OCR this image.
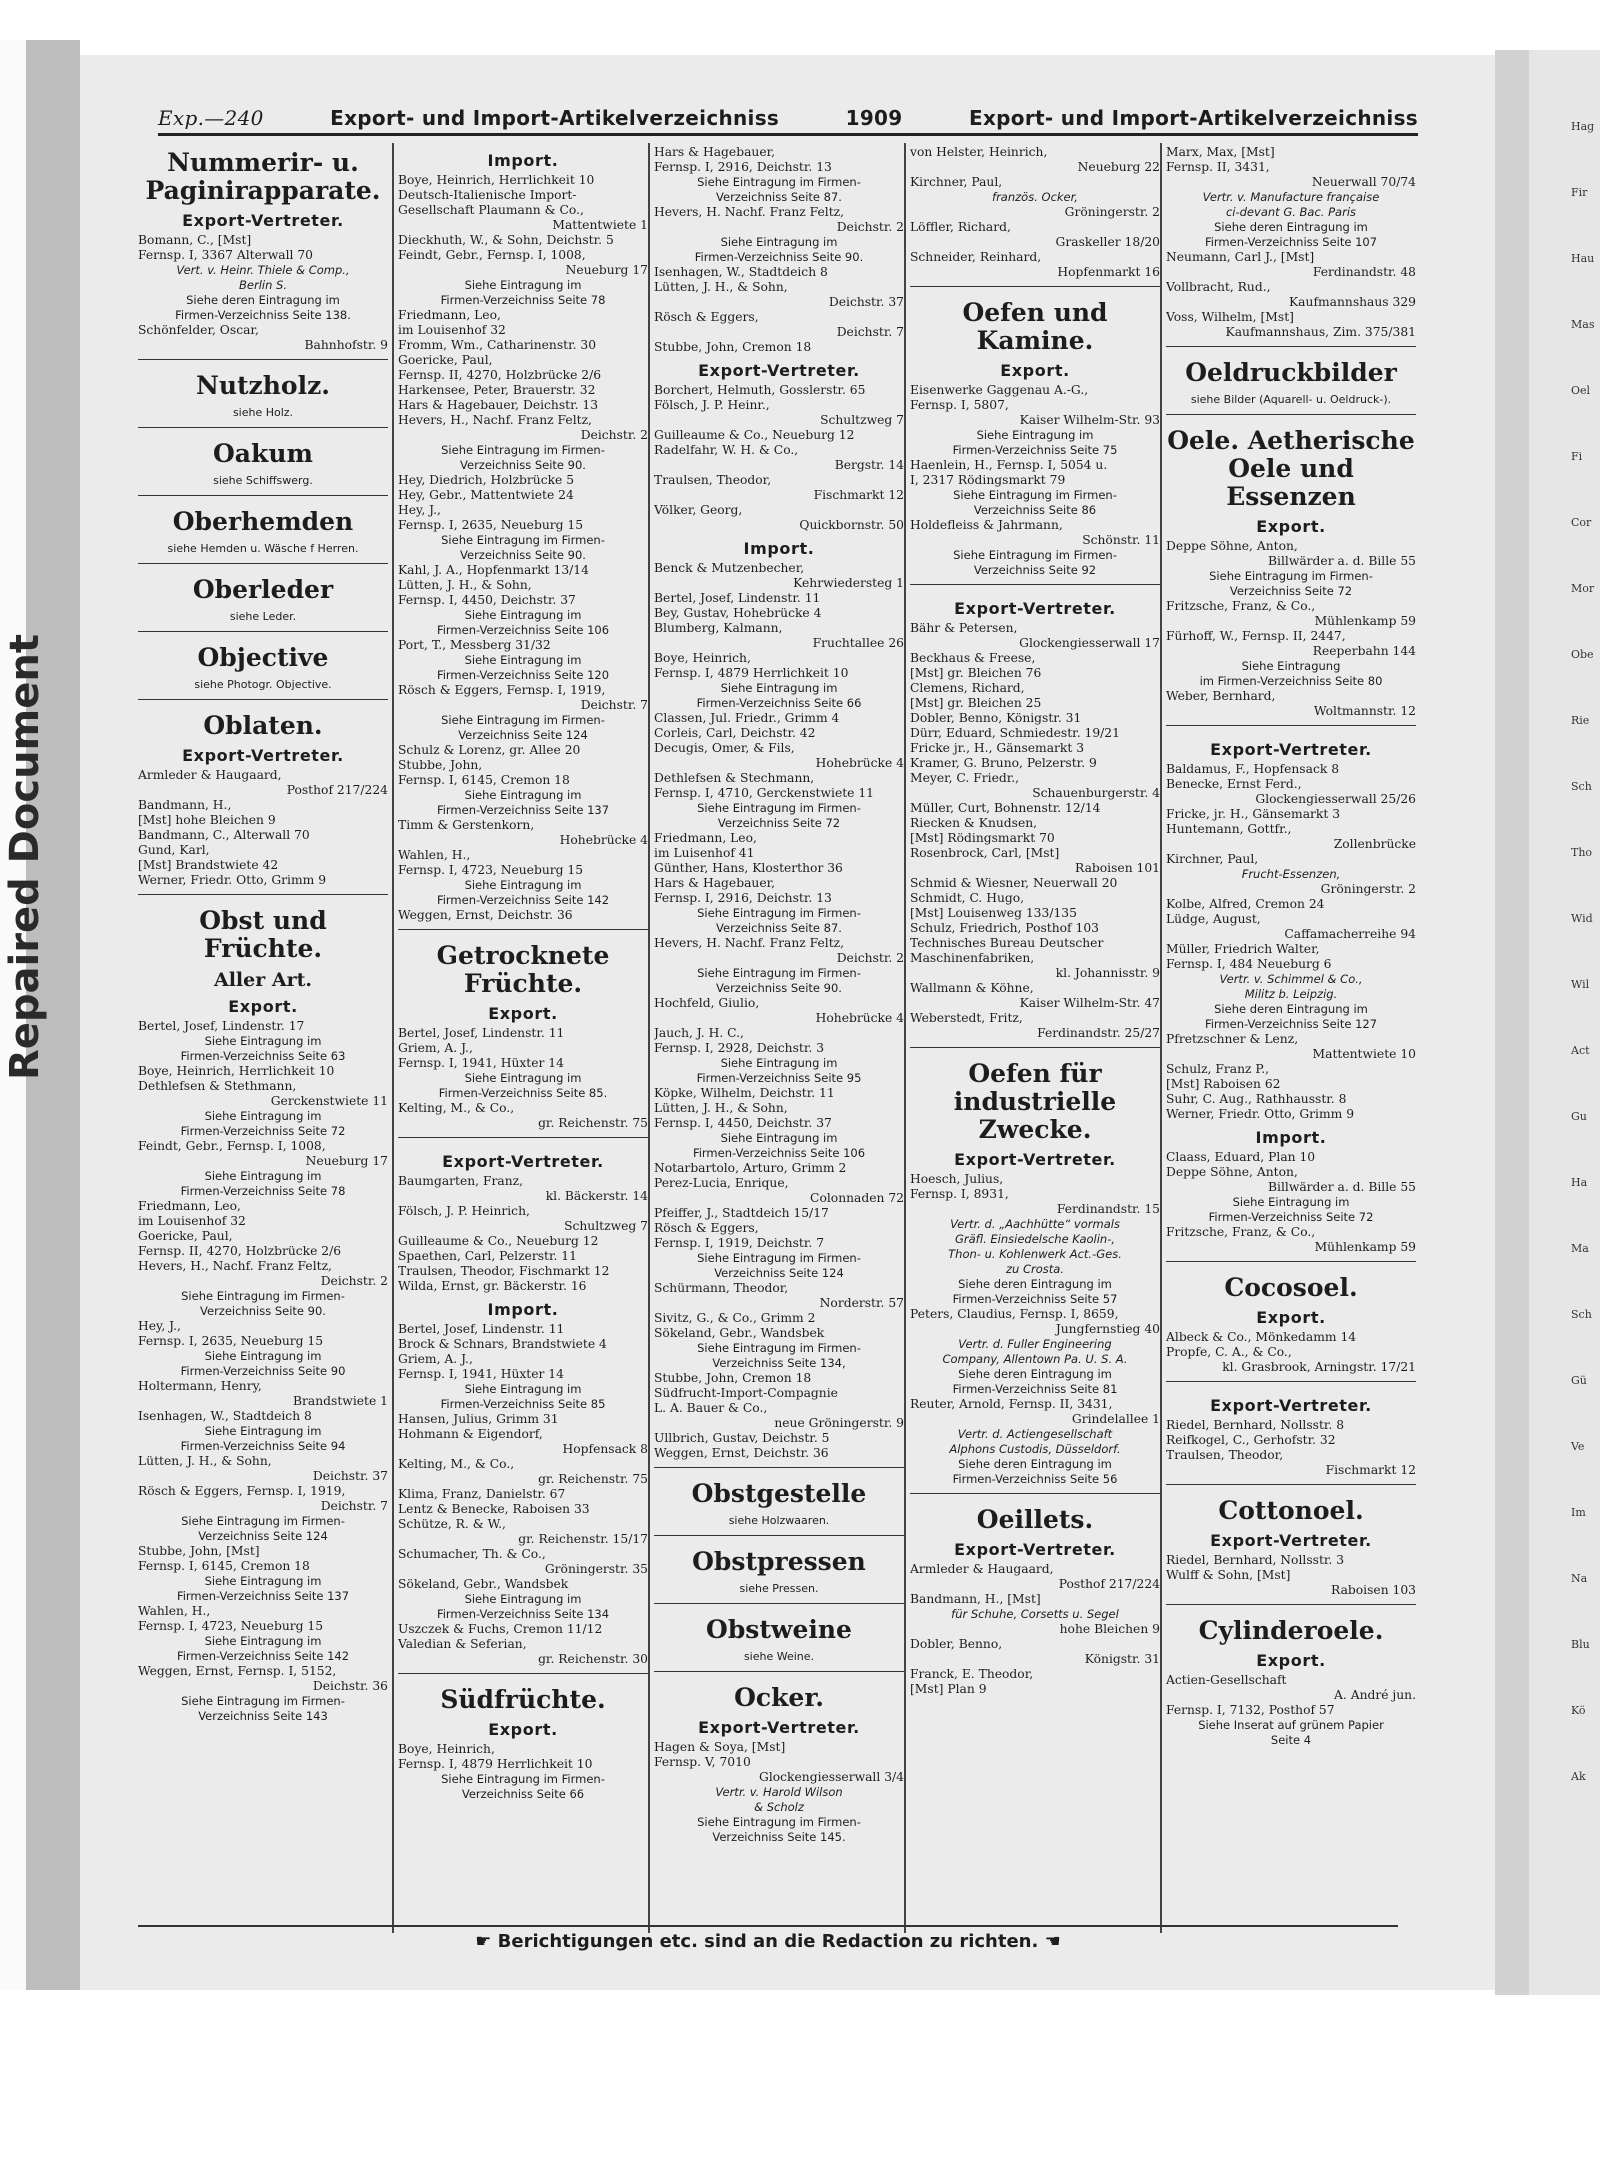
Repaired Document
Hag
Fir
Hau
Mas
Oel
Fi
Cor
Mor
Obe
Rie
Sch
Tho
Wid
Wil
Act
Gu
Ha
Ma
Sch
Gü
Ve
Im
Na
Blu
Kö
Ak
Exp.—240	Export- und Import-Artikelverzeichniss	1909	Export- und Import-Artikelverzeichniss
Nummerir- u. Paginirapparate.
Export-Vertreter.
Bomann, C., [Mst]
Fernsp. I, 3367 Alterwall 70
Vert. v. Heinr. Thiele & Comp.,
Berlin S.
Siehe deren Eintragung im
Firmen-Verzeichniss Seite 138.
Schönfelder, Oscar,
Bahnhofstr. 9
Nutzholz.
siehe Holz.
Oakum
siehe Schiffswerg.
Oberhemden
siehe Hemden u. Wäsche f Herren.
Oberleder
siehe Leder.
Objective
siehe Photogr. Objective.
Oblaten.
Export-Vertreter.
Armleder & Haugaard,
Posthof 217/224
Bandmann, H.,
[Mst] hohe Bleichen 9
Bandmann, C., Alterwall 70
Gund, Karl,
[Mst] Brandstwiete 42
Werner, Friedr. Otto, Grimm 9
Obst und Früchte.
Aller Art.
Export.
Bertel, Josef, Lindenstr. 17
Siehe Eintragung im
Firmen-Verzeichniss Seite 63
Boye, Heinrich, Herrlichkeit 10
Dethlefsen & Stethmann,
Gerckenstwiete 11
Siehe Eintragung im
Firmen-Verzeichniss Seite 72
Feindt, Gebr., Fernsp. I, 1008,
Neueburg 17
Siehe Eintragung im
Firmen-Verzeichniss Seite 78
Friedmann, Leo,
im Louisenhof 32
Goericke, Paul,
Fernsp. II, 4270, Holzbrücke 2/6
Hevers, H., Nachf. Franz Feltz,
Deichstr. 2
Siehe Eintragung im Firmen-
Verzeichniss Seite 90.
Hey, J.,
Fernsp. I, 2635, Neueburg 15
Siehe Eintragung im
Firmen-Verzeichniss Seite 90
Holtermann, Henry,
Brandstwiete 1
Isenhagen, W., Stadtdeich 8
Siehe Eintragung im
Firmen-Verzeichniss Seite 94
Lütten, J. H., & Sohn,
Deichstr. 37
Rösch & Eggers, Fernsp. I, 1919,
Deichstr. 7
Siehe Eintragung im Firmen-
Verzeichniss Seite 124
Stubbe, John, [Mst]
Fernsp. I, 6145, Cremon 18
Siehe Eintragung im
Firmen-Verzeichniss Seite 137
Wahlen, H.,
Fernsp. I, 4723, Neueburg 15
Siehe Eintragung im
Firmen-Verzeichniss Seite 142
Weggen, Ernst, Fernsp. I, 5152,
Deichstr. 36
Siehe Eintragung im Firmen-
Verzeichniss Seite 143
Import.
Boye, Heinrich, Herrlichkeit 10
Deutsch-Italienische Import-
Gesellschaft Plaumann & Co.,
Mattentwiete 1
Dieckhuth, W., & Sohn, Deichstr. 5
Feindt, Gebr., Fernsp. I, 1008,
Neueburg 17
Siehe Eintragung im
Firmen-Verzeichniss Seite 78
Friedmann, Leo,
im Louisenhof 32
Fromm, Wm., Catharinenstr. 30
Goericke, Paul,
Fernsp. II, 4270, Holzbrücke 2/6
Harkensee, Peter, Brauerstr. 32
Hars & Hagebauer, Deichstr. 13
Hevers, H., Nachf. Franz Feltz,
Deichstr. 2
Siehe Eintragung im Firmen-
Verzeichniss Seite 90.
Hey, Diedrich, Holzbrücke 5
Hey, Gebr., Mattentwiete 24
Hey, J.,
Fernsp. I, 2635, Neueburg 15
Siehe Eintragung im Firmen-
Verzeichniss Seite 90.
Kahl, J. A., Hopfenmarkt 13/14
Lütten, J. H., & Sohn,
Fernsp. I, 4450, Deichstr. 37
Siehe Eintragung im
Firmen-Verzeichniss Seite 106
Port, T., Messberg 31/32
Siehe Eintragung im
Firmen-Verzeichniss Seite 120
Rösch & Eggers, Fernsp. I, 1919,
Deichstr. 7
Siehe Eintragung im Firmen-
Verzeichniss Seite 124
Schulz & Lorenz, gr. Allee 20
Stubbe, John,
Fernsp. I, 6145, Cremon 18
Siehe Eintragung im
Firmen-Verzeichniss Seite 137
Timm & Gerstenkorn,
Hohebrücke 4
Wahlen, H.,
Fernsp. I, 4723, Neueburg 15
Siehe Eintragung im
Firmen-Verzeichniss Seite 142
Weggen, Ernst, Deichstr. 36
Getrocknete Früchte.
Export.
Bertel, Josef, Lindenstr. 11
Griem, A. J.,
Fernsp. I, 1941, Hüxter 14
Siehe Eintragung im
Firmen-Verzeichniss Seite 85.
Kelting, M., & Co.,
gr. Reichenstr. 75
Export-Vertreter.
Baumgarten, Franz,
kl. Bäckerstr. 14
Fölsch, J. P. Heinrich,
Schultzweg 7
Guilleaume & Co., Neueburg 12
Spaethen, Carl, Pelzerstr. 11
Traulsen, Theodor, Fischmarkt 12
Wilda, Ernst, gr. Bäckerstr. 16
Import.
Bertel, Josef, Lindenstr. 11
Brock & Schnars, Brandstwiete 4
Griem, A. J.,
Fernsp. I, 1941, Hüxter 14
Siehe Eintragung im
Firmen-Verzeichniss Seite 85
Hansen, Julius, Grimm 31
Hohmann & Eigendorf,
Hopfensack 8
Kelting, M., & Co.,
gr. Reichenstr. 75
Klima, Franz, Danielstr. 67
Lentz & Benecke, Raboisen 33
Schütze, R. & W.,
gr. Reichenstr. 15/17
Schumacher, Th. & Co.,
Gröningerstr. 35
Sökeland, Gebr., Wandsbek
Siehe Eintragung im
Firmen-Verzeichniss Seite 134
Uszczek & Fuchs, Cremon 11/12
Valedian & Seferian,
gr. Reichenstr. 30
Südfrüchte.
Export.
Boye, Heinrich,
Fernsp. I, 4879 Herrlichkeit 10
Siehe Eintragung im Firmen-
Verzeichniss Seite 66
Hars & Hagebauer,
Fernsp. I, 2916, Deichstr. 13
Siehe Eintragung im Firmen-
Verzeichniss Seite 87.
Hevers, H. Nachf. Franz Feltz,
Deichstr. 2
Siehe Eintragung im
Firmen-Verzeichniss Seite 90.
Isenhagen, W., Stadtdeich 8
Lütten, J. H., & Sohn,
Deichstr. 37
Rösch & Eggers,
Deichstr. 7
Stubbe, John, Cremon 18
Export-Vertreter.
Borchert, Helmuth, Gosslerstr. 65
Fölsch, J. P. Heinr.,
Schultzweg 7
Guilleaume & Co., Neueburg 12
Radelfahr, W. H. & Co.,
Bergstr. 14
Traulsen, Theodor,
Fischmarkt 12
Völker, Georg,
Quickbornstr. 50
Import.
Benck & Mutzenbecher,
Kehrwiedersteg 1
Bertel, Josef, Lindenstr. 11
Bey, Gustav, Hohebrücke 4
Blumberg, Kalmann,
Fruchtallee 26
Boye, Heinrich,
Fernsp. I, 4879 Herrlichkeit 10
Siehe Eintragung im
Firmen-Verzeichniss Seite 66
Classen, Jul. Friedr., Grimm 4
Corleis, Carl, Deichstr. 42
Decugis, Omer, & Fils,
Hohebrücke 4
Dethlefsen & Stechmann,
Fernsp. I, 4710, Gerckenstwiete 11
Siehe Eintragung im Firmen-
Verzeichniss Seite 72
Friedmann, Leo,
im Luisenhof 41
Günther, Hans, Klosterthor 36
Hars & Hagebauer,
Fernsp. I, 2916, Deichstr. 13
Siehe Eintragung im Firmen-
Verzeichniss Seite 87.
Hevers, H. Nachf. Franz Feltz,
Deichstr. 2
Siehe Eintragung im Firmen-
Verzeichniss Seite 90.
Hochfeld, Giulio,
Hohebrücke 4
Jauch, J. H. C.,
Fernsp. I, 2928, Deichstr. 3
Siehe Eintragung im
Firmen-Verzeichniss Seite 95
Köpke, Wilhelm, Deichstr. 11
Lütten, J. H., & Sohn,
Fernsp. I, 4450, Deichstr. 37
Siehe Eintragung im
Firmen-Verzeichniss Seite 106
Notarbartolo, Arturo, Grimm 2
Perez-Lucia, Enrique,
Colonnaden 72
Pfeiffer, J., Stadtdeich 15/17
Rösch & Eggers,
Fernsp. I, 1919, Deichstr. 7
Siehe Eintragung im Firmen-
Verzeichniss Seite 124
Schürmann, Theodor,
Norderstr. 57
Sivitz, G., & Co., Grimm 2
Sökeland, Gebr., Wandsbek
Siehe Eintragung im Firmen-
Verzeichniss Seite 134,
Stubbe, John, Cremon 18
Südfrucht-Import-Compagnie
L. A. Bauer & Co.,
neue Gröningerstr. 9
Ullbrich, Gustav, Deichstr. 5
Weggen, Ernst, Deichstr. 36
Obstgestelle
siehe Holzwaaren.
Obstpressen
siehe Pressen.
Obstweine
siehe Weine.
Ocker.
Export-Vertreter.
Hagen & Soya, [Mst]
Fernsp. V, 7010
Glockengiesserwall 3/4
Vertr. v. Harold Wilson
& Scholz
Siehe Eintragung im Firmen-
Verzeichniss Seite 145.
von Helster, Heinrich,
Neueburg 22
Kirchner, Paul,
französ. Ocker,
Gröningerstr. 2
Löffler, Richard,
Graskeller 18/20
Schneider, Reinhard,
Hopfenmarkt 16
Oefen und Kamine.
Export.
Eisenwerke Gaggenau A.-G.,
Fernsp. I, 5807,
Kaiser Wilhelm-Str. 93
Siehe Eintragung im
Firmen-Verzeichniss Seite 75
Haenlein, H., Fernsp. I, 5054 u.
I, 2317 Rödingsmarkt 79
Siehe Eintragung im Firmen-
Verzeichniss Seite 86
Holdefleiss & Jahrmann,
Schönstr. 11
Siehe Eintragung im Firmen-
Verzeichniss Seite 92
Export-Vertreter.
Bähr & Petersen,
Glockengiesserwall 17
Beckhaus & Freese,
[Mst] gr. Bleichen 76
Clemens, Richard,
[Mst] gr. Bleichen 25
Dobler, Benno, Königstr. 31
Dürr, Eduard, Schmiedestr. 19/21
Fricke jr., H., Gänsemarkt 3
Kramer, G. Bruno, Pelzerstr. 9
Meyer, C. Friedr.,
Schauenburgerstr. 4
Müller, Curt, Bohnenstr. 12/14
Riecken & Knudsen,
[Mst] Rödingsmarkt 70
Rosenbrock, Carl, [Mst]
Raboisen 101
Schmid & Wiesner, Neuerwall 20
Schmidt, C. Hugo,
[Mst] Louisenweg 133/135
Schulz, Friedrich, Posthof 103
Technisches Bureau Deutscher
Maschinenfabriken,
kl. Johannisstr. 9
Wallmann & Köhne,
Kaiser Wilhelm-Str. 47
Weberstedt, Fritz,
Ferdinandstr. 25/27
Oefen für industrielle Zwecke.
Export-Vertreter.
Hoesch, Julius,
Fernsp. I, 8931,
Ferdinandstr. 15
Vertr. d. „Aachhütte“ vormals
Gräfl. Einsiedelsche Kaolin-,
Thon- u. Kohlenwerk Act.-Ges.
zu Crosta.
Siehe deren Eintragung im
Firmen-Verzeichniss Seite 57
Peters, Claudius, Fernsp. I, 8659,
Jungfernstieg 40
Vertr. d. Fuller Engineering
Company, Allentown Pa. U. S. A.
Siehe deren Eintragung im
Firmen-Verzeichniss Seite 81
Reuter, Arnold, Fernsp. II, 3431,
Grindelallee 1
Vertr. d. Actiengesellschaft
Alphons Custodis, Düsseldorf.
Siehe deren Eintragung im
Firmen-Verzeichniss Seite 56
Oeillets.
Export-Vertreter.
Armleder & Haugaard,
Posthof 217/224
Bandmann, H., [Mst]
für Schuhe, Corsetts u. Segel
hohe Bleichen 9
Dobler, Benno,
Königstr. 31
Franck, E. Theodor,
[Mst] Plan 9
Marx, Max, [Mst]
Fernsp. II, 3431,
Neuerwall 70/74
Vertr. v. Manufacture française
ci-devant G. Bac. Paris
Siehe deren Eintragung im
Firmen-Verzeichniss Seite 107
Neumann, Carl J., [Mst]
Ferdinandstr. 48
Vollbracht, Rud.,
Kaufmannshaus 329
Voss, Wilhelm, [Mst]
Kaufmannshaus, Zim. 375/381
Oeldruckbilder
siehe Bilder (Aquarell- u. Oeldruck-).
Oele. Aetherische Oele und Essenzen
Export.
Deppe Söhne, Anton,
Billwärder a. d. Bille 55
Siehe Eintragung im Firmen-
Verzeichniss Seite 72
Fritzsche, Franz, & Co.,
Mühlenkamp 59
Fürhoff, W., Fernsp. II, 2447,
Reeperbahn 144
Siehe Eintragung
im Firmen-Verzeichniss Seite 80
Weber, Bernhard,
Woltmannstr. 12
Export-Vertreter.
Baldamus, F., Hopfensack 8
Benecke, Ernst Ferd.,
Glockengiesserwall 25/26
Fricke, jr. H., Gänsemarkt 3
Huntemann, Gottfr.,
Zollenbrücke
Kirchner, Paul,
Frucht-Essenzen,
Gröningerstr. 2
Kolbe, Alfred, Cremon 24
Lüdge, August,
Caffamacherreihe 94
Müller, Friedrich Walter,
Fernsp. I, 484 Neueburg 6
Vertr. v. Schimmel & Co.,
Militz b. Leipzig.
Siehe deren Eintragung im
Firmen-Verzeichniss Seite 127
Pfretzschner & Lenz,
Mattentwiete 10
Schulz, Franz P.,
[Mst] Raboisen 62
Suhr, C. Aug., Rathhausstr. 8
Werner, Friedr. Otto, Grimm 9
Import.
Claass, Eduard, Plan 10
Deppe Söhne, Anton,
Billwärder a. d. Bille 55
Siehe Eintragung im
Firmen-Verzeichniss Seite 72
Fritzsche, Franz, & Co.,
Mühlenkamp 59
Cocosoel.
Export.
Albeck & Co., Mönkedamm 14
Propfe, C. A., & Co.,
kl. Grasbrook, Arningstr. 17/21
Export-Vertreter.
Riedel, Bernhard, Nollsstr. 8
Reifkogel, C., Gerhofstr. 32
Traulsen, Theodor,
Fischmarkt 12
Cottonoel.
Export-Vertreter.
Riedel, Bernhard, Nollsstr. 3
Wulff & Sohn, [Mst]
Raboisen 103
Cylinderoele.
Export.
Actien-Gesellschaft
A. André jun.
Fernsp. I, 7132, Posthof 57
Siehe Inserat auf grünem Papier
Seite 4
☛ Berichtigungen etc. sind an die Redaction zu richten. ☚
